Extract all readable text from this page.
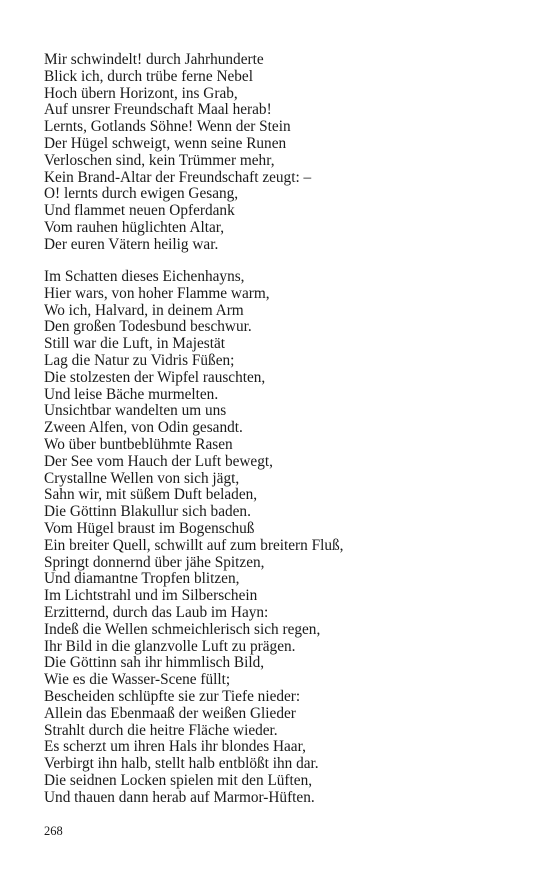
Mir schwindelt! durch Jahrhunderte
Blick ich, durch trübe ferne Nebel
Hoch übern Horizont, ins Grab,
Auf unsrer Freundschaft Maal herab!
Lernts, Gotlands Söhne! Wenn der Stein
Der Hügel schweigt, wenn seine Runen
Verloschen sind, kein Trümmer mehr,
Kein Brand-Altar der Freundschaft zeugt: –
O! lernts durch ewigen Gesang,
Und flammet neuen Opferdank
Vom rauhen hüglichten Altar,
Der euren Vätern heilig war.
Im Schatten dieses Eichenhayns,
Hier wars, von hoher Flamme warm,
Wo ich, Halvard, in deinem Arm
Den großen Todesbund beschwur.
Still war die Luft, in Majestät
Lag die Natur zu Vidris Füßen;
Die stolzesten der Wipfel rauschten,
Und leise Bäche murmelten.
Unsichtbar wandelten um uns
Zween Alfen, von Odin gesandt.
Wo über buntbeblühmte Rasen
Der See vom Hauch der Luft bewegt,
Crystallne Wellen von sich jägt,
Sahn wir, mit süßem Duft beladen,
Die Göttinn Blakullur sich baden.
Vom Hügel braust im Bogenschuß
Ein breiter Quell, schwillt auf zum breitern Fluß,
Springt donnernd über jähe Spitzen,
Und diamantne Tropfen blitzen,
Im Lichtstrahl und im Silberschein
Erzitternd, durch das Laub im Hayn:
Indeß die Wellen schmeichlerisch sich regen,
Ihr Bild in die glanzvolle Luft zu prägen.
Die Göttinn sah ihr himmlisch Bild,
Wie es die Wasser-Scene füllt;
Bescheiden schlüpfte sie zur Tiefe nieder:
Allein das Ebenmaaß der weißen Glieder
Strahlt durch die heitre Fläche wieder.
Es scherzt um ihren Hals ihr blondes Haar,
Verbirgt ihn halb, stellt halb entblößt ihn dar.
Die seidnen Locken spielen mit den Lüften,
Und thauen dann herab auf Marmor-Hüften.
268
